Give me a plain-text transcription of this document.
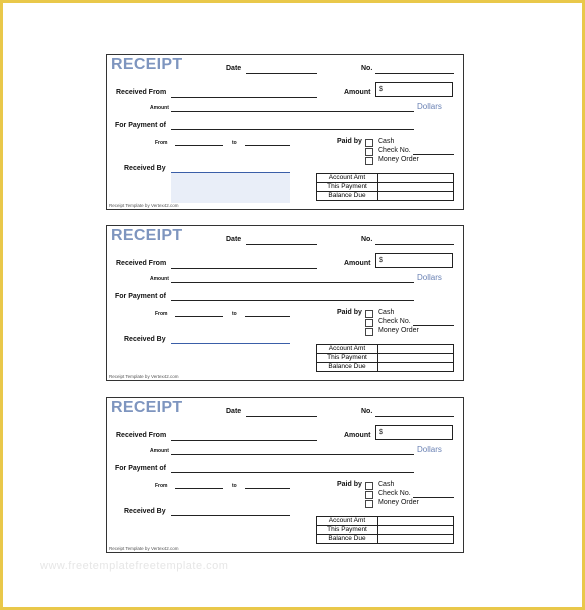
RECEIPT	Date	No.
Received From	Amount $
Amount	Dollars
For Payment of
From	to	Paid by Cash
Check No.
Money Order
Received By
Account Amt	
This Payment	
Balance Due	
Receipt Template by Vertex42.com
RECEIPT	Date	No.
Received From	Amount $
Amount	Dollars
For Payment of
From	to	Paid by Cash
Check No.
Money Order
Received By
Account Amt	
This Payment	
Balance Due	
Receipt Template by Vertex42.com
RECEIPT	Date	No.
Received From	Amount $
Amount	Dollars
For Payment of
From	to	Paid by Cash
Check No.
Money Order
Received By
Account Amt	
This Payment	
Balance Due	
Receipt Template by Vertex42.com
www.freetemplatefreetemplate.com
